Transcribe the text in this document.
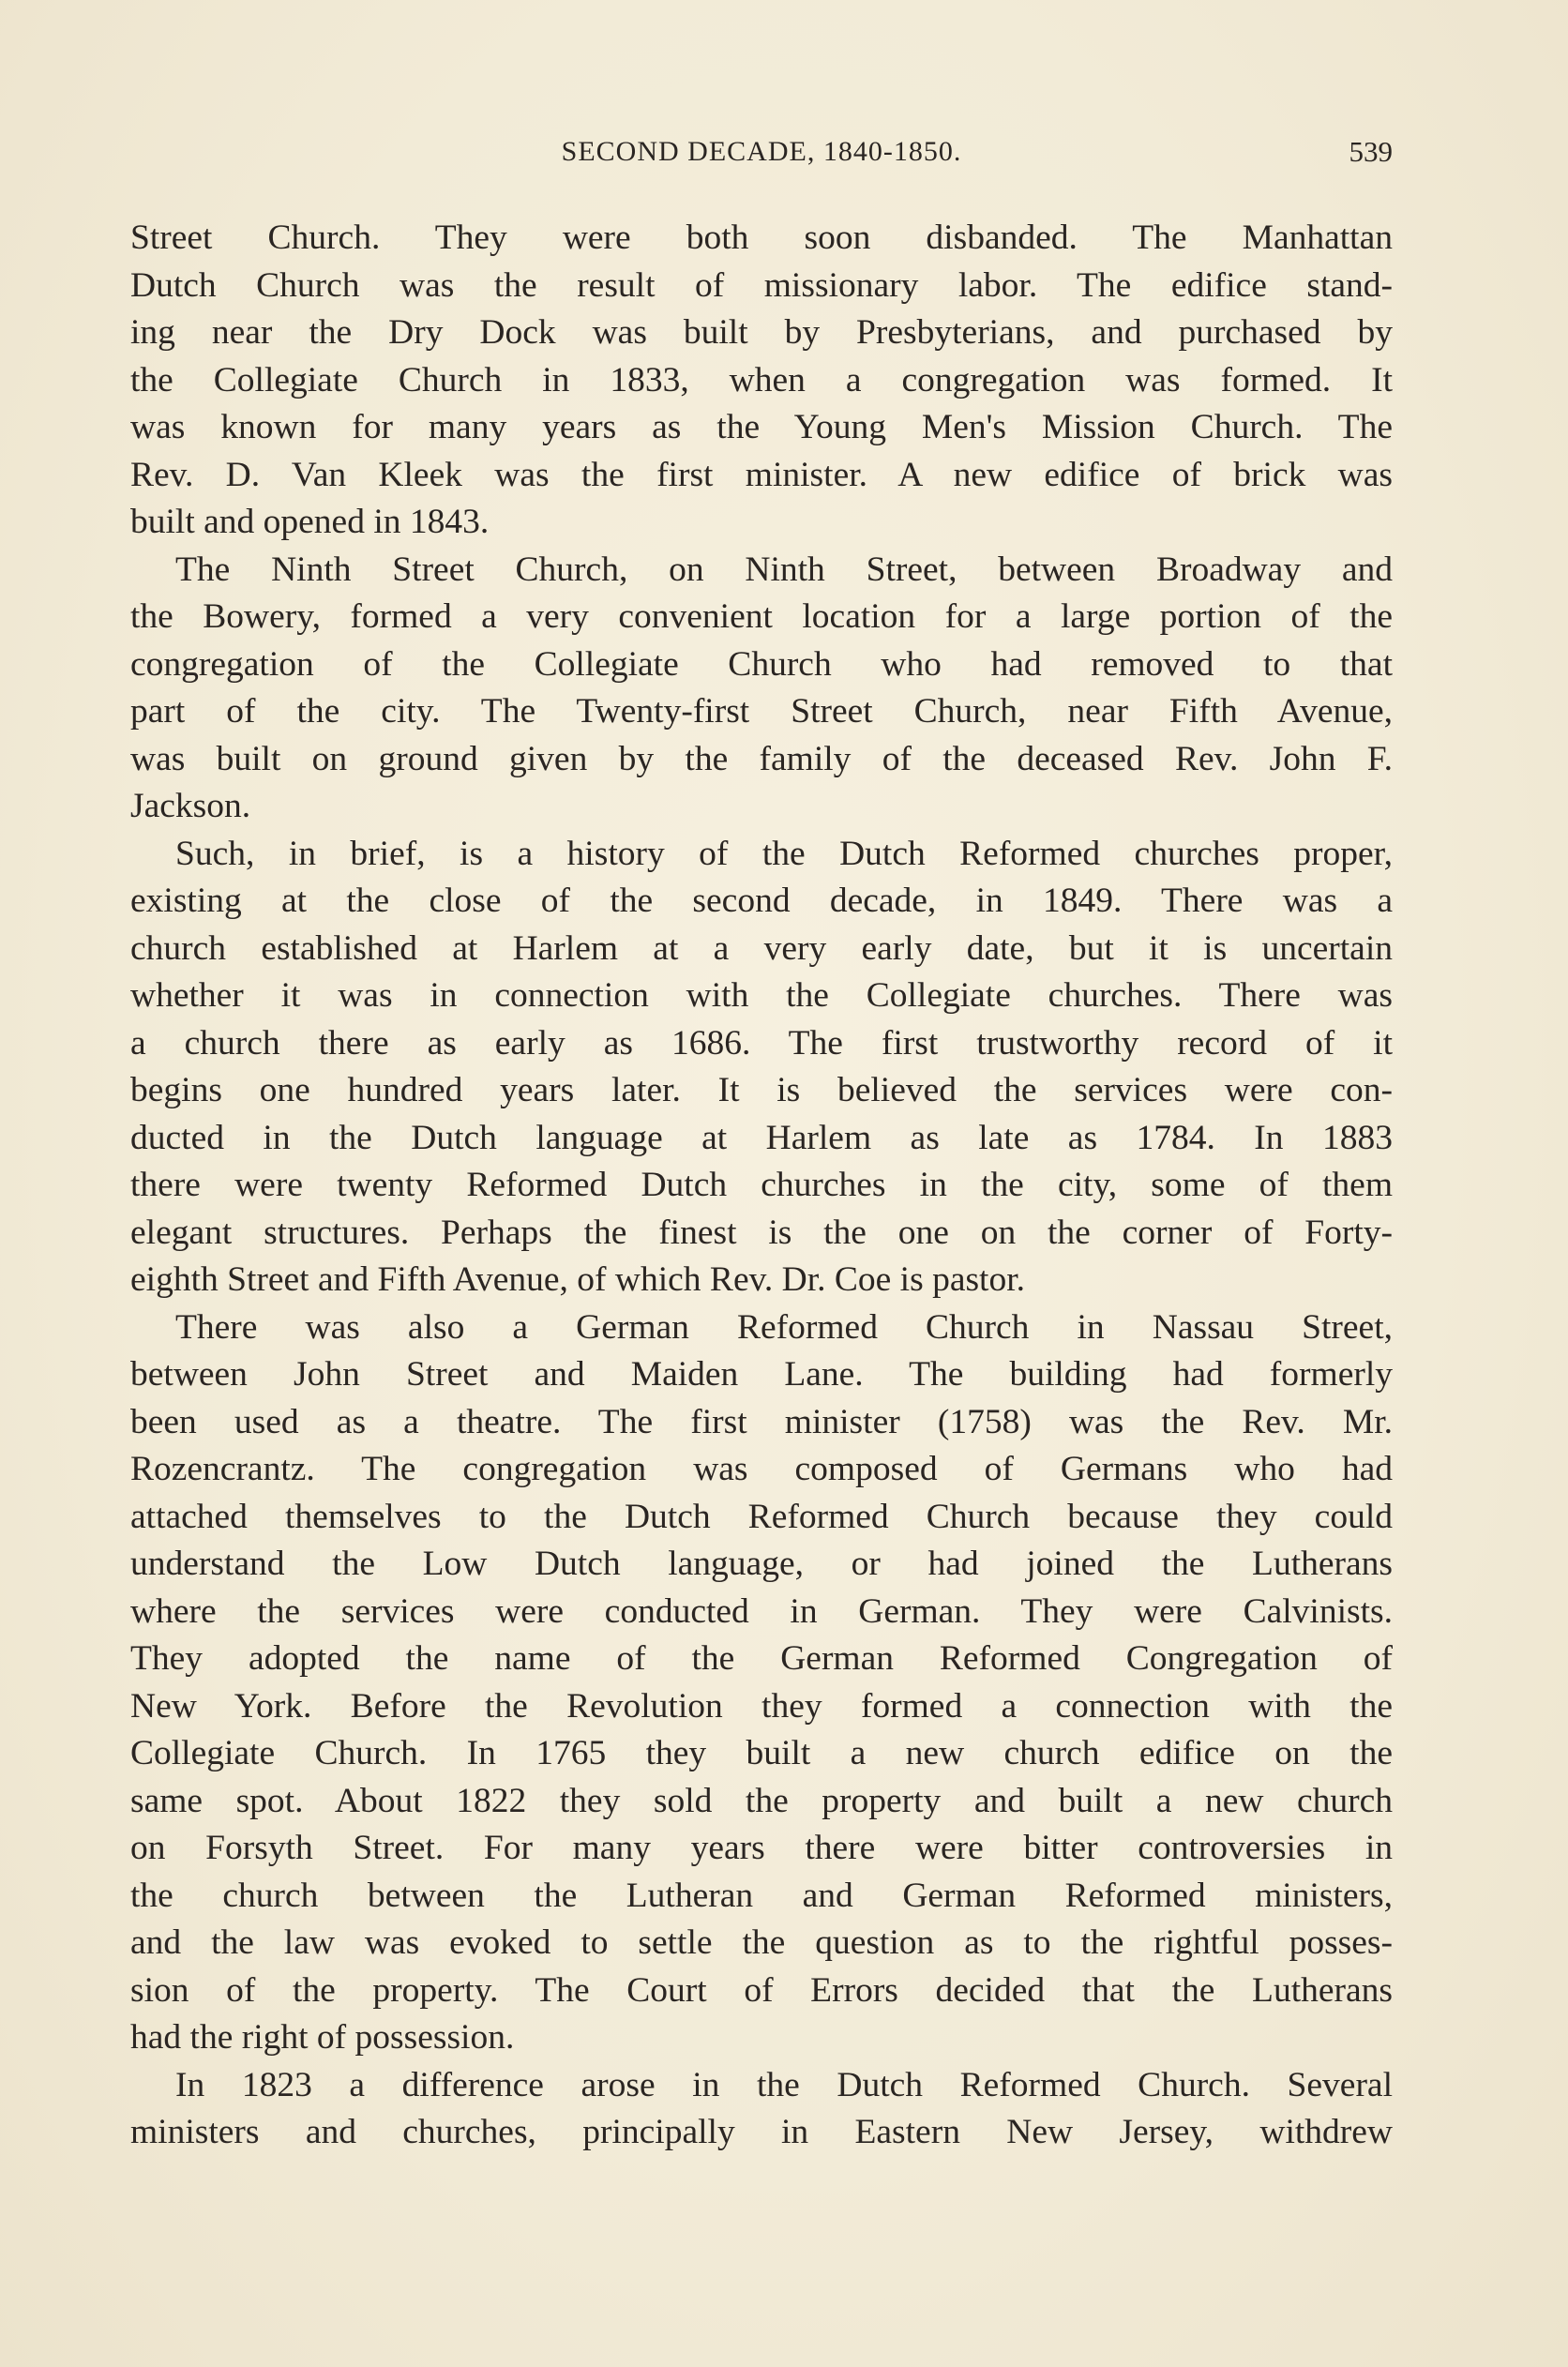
SECOND DECADE, 1840-1850.	539
Street Church. They were both soon disbanded. The Manhattan
Dutch Church was the result of missionary labor. The edifice stand-
ing near the Dry Dock was built by Presbyterians, and purchased by
the Collegiate Church in 1833, when a congregation was formed. It
was known for many years as the Young Men's Mission Church. The
Rev. D. Van Kleek was the first minister. A new edifice of brick was
built and opened in 1843.
The Ninth Street Church, on Ninth Street, between Broadway and
the Bowery, formed a very convenient location for a large portion of the
congregation of the Collegiate Church who had removed to that
part of the city. The Twenty-first Street Church, near Fifth Avenue,
was built on ground given by the family of the deceased Rev. John F.
Jackson.
Such, in brief, is a history of the Dutch Reformed churches proper,
existing at the close of the second decade, in 1849. There was a
church established at Harlem at a very early date, but it is uncertain
whether it was in connection with the Collegiate churches. There was
a church there as early as 1686. The first trustworthy record of it
begins one hundred years later. It is believed the services were con-
ducted in the Dutch language at Harlem as late as 1784. In 1883
there were twenty Reformed Dutch churches in the city, some of them
elegant structures. Perhaps the finest is the one on the corner of Forty-
eighth Street and Fifth Avenue, of which Rev. Dr. Coe is pastor.
There was also a German Reformed Church in Nassau Street,
between John Street and Maiden Lane. The building had formerly
been used as a theatre. The first minister (1758) was the Rev. Mr.
Rozencrantz. The congregation was composed of Germans who had
attached themselves to the Dutch Reformed Church because they could
understand the Low Dutch language, or had joined the Lutherans
where the services were conducted in German. They were Calvinists.
They adopted the name of the German Reformed Congregation of
New York. Before the Revolution they formed a connection with the
Collegiate Church. In 1765 they built a new church edifice on the
same spot. About 1822 they sold the property and built a new church
on Forsyth Street. For many years there were bitter controversies in
the church between the Lutheran and German Reformed ministers,
and the law was evoked to settle the question as to the rightful posses-
sion of the property. The Court of Errors decided that the Lutherans
had the right of possession.
In 1823 a difference arose in the Dutch Reformed Church. Several
ministers and churches, principally in Eastern New Jersey, withdrew
